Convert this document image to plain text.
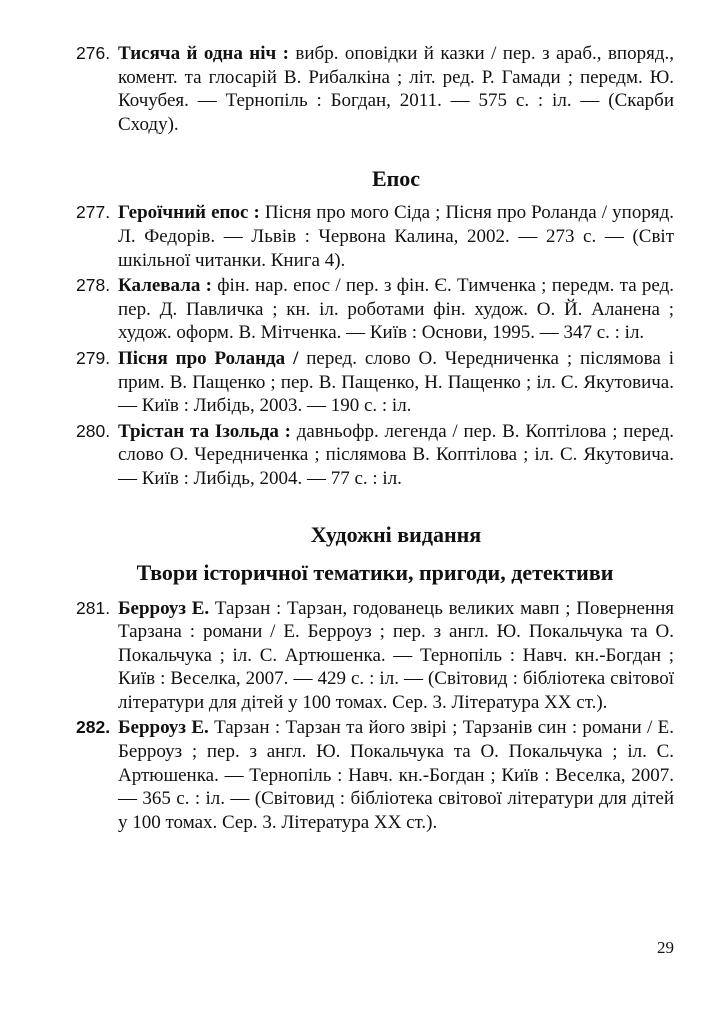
276. Тисяча й одна ніч : вибр. оповідки й казки / пер. з араб., впоряд., комент. та глосарій В. Рибалкіна ; літ. ред. Р. Гамади ; передм. Ю. Кочубея. — Тернопіль : Богдан, 2011. — 575 с. : іл. — (Скарби Сходу).
Епос
277. Героїчний епос : Пісня про мого Сіда ; Пісня про Роланда / упоряд. Л. Федорів. — Львів : Червона Калина, 2002. — 273 с. — (Світ шкільної читанки. Книга 4).
278. Калевала : фін. нар. епос / пер. з фін. Є. Тимченка ; передм. та ред. пер. Д. Павличка ; кн. іл. роботами фін. худож. О. Й. Аланена ; худож. оформ. В. Мітченка. — Київ : Основи, 1995. — 347 с. : іл.
279. Пісня про Роланда / перед. слово О. Чередниченка ; післямова і прим. В. Пащенко ; пер. В. Пащенко, Н. Пащенко ; іл. С. Якутовича. — Київ : Либідь, 2003. — 190 с. : іл.
280. Трістан та Ізольда : давньофр. легенда / пер. В. Коптілова ; перед. слово О. Чередниченка ; післямова В. Коптілова ; іл. С. Якутовича. — Київ : Либідь, 2004. — 77 с. : іл.
Художні видання
Твори історичної тематики, пригоди, детективи
281. Берроуз Е. Тарзан : Тарзан, годованець великих мавп ; Повернення Тарзана : романи / Е. Берроуз ; пер. з англ. Ю. Покальчука та О. Покальчука ; іл. С. Артюшенка. — Тернопіль : Навч. кн.-Богдан ; Київ : Веселка, 2007. — 429 с. : іл. — (Світовид : бібліотека світової літератури для дітей у 100 томах. Сер. 3. Література ХХ ст.).
282. Берроуз Е. Тарзан : Тарзан та його звірі ; Тарзанів син : романи / Е. Берроуз ; пер. з англ. Ю. Покальчука та О. Покальчука ; іл. С. Артюшенка. — Тернопіль : Навч. кн.-Богдан ; Київ : Веселка, 2007. — 365 с. : іл. — (Світовид : бібліотека світової літератури для дітей у 100 томах. Сер. 3. Література ХХ ст.).
29
